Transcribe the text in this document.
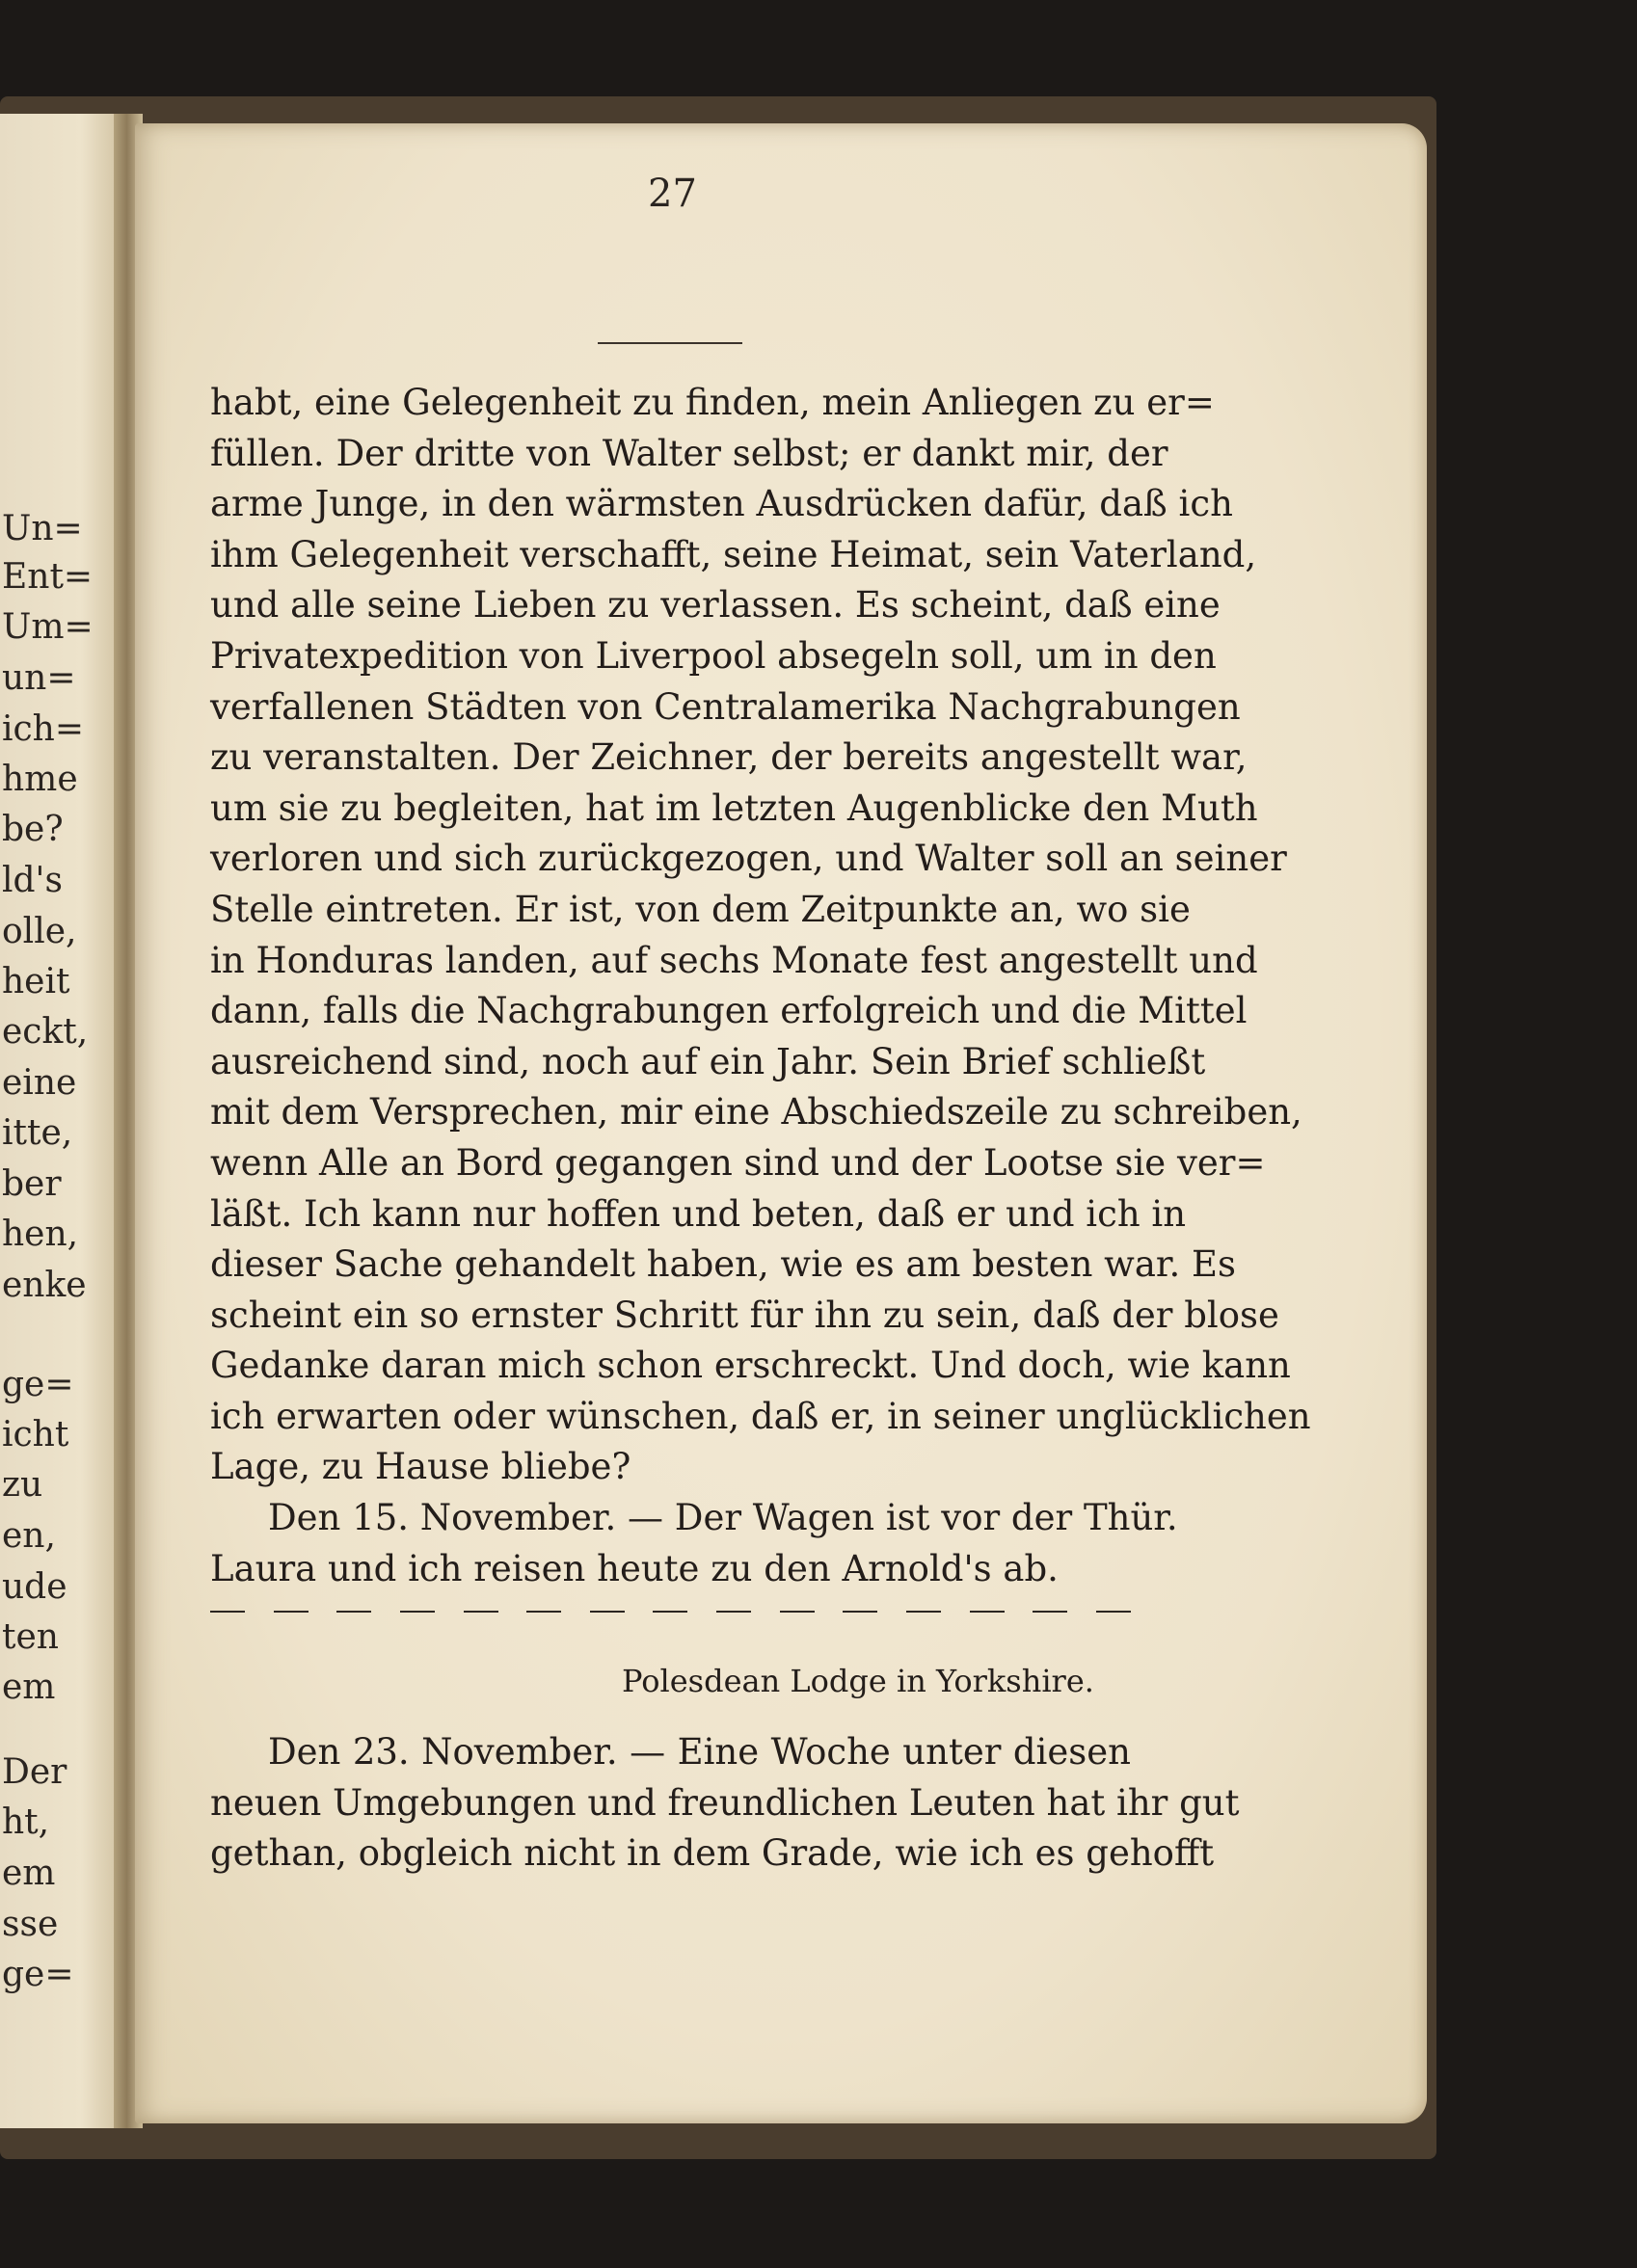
Un=
Ent=
Um=
un=
ich=
hme
be?
ld's
olle,
heit
eckt,
eine
itte,
ber
hen,
enke
ge=
icht
zu
en,
ude
ten
em
Der
ht,
em
sse
ge=
27
habt, eine Gelegenheit zu finden, mein Anliegen zu er=
füllen. Der dritte von Walter selbst; er dankt mir, der
arme Junge, in den wärmsten Ausdrücken dafür, daß ich
ihm Gelegenheit verschafft, seine Heimat, sein Vaterland,
und alle seine Lieben zu verlassen. Es scheint, daß eine
Privatexpedition von Liverpool absegeln soll, um in den
verfallenen Städten von Centralamerika Nachgrabungen
zu veranstalten. Der Zeichner, der bereits angestellt war,
um sie zu begleiten, hat im letzten Augenblicke den Muth
verloren und sich zurückgezogen, und Walter soll an seiner
Stelle eintreten. Er ist, von dem Zeitpunkte an, wo sie
in Honduras landen, auf sechs Monate fest angestellt und
dann, falls die Nachgrabungen erfolgreich und die Mittel
ausreichend sind, noch auf ein Jahr. Sein Brief schließt
mit dem Versprechen, mir eine Abschiedszeile zu schreiben,
wenn Alle an Bord gegangen sind und der Lootse sie ver=
läßt. Ich kann nur hoffen und beten, daß er und ich in
dieser Sache gehandelt haben, wie es am besten war. Es
scheint ein so ernster Schritt für ihn zu sein, daß der blose
Gedanke daran mich schon erschreckt. Und doch, wie kann
ich erwarten oder wünschen, daß er, in seiner unglücklichen
Lage, zu Hause bliebe?
Den 15. November. — Der Wagen ist vor der Thür.
Laura und ich reisen heute zu den Arnold's ab.
Polesdean Lodge in Yorkshire.
Den 23. November. — Eine Woche unter diesen
neuen Umgebungen und freundlichen Leuten hat ihr gut
gethan, obgleich nicht in dem Grade, wie ich es gehofft
